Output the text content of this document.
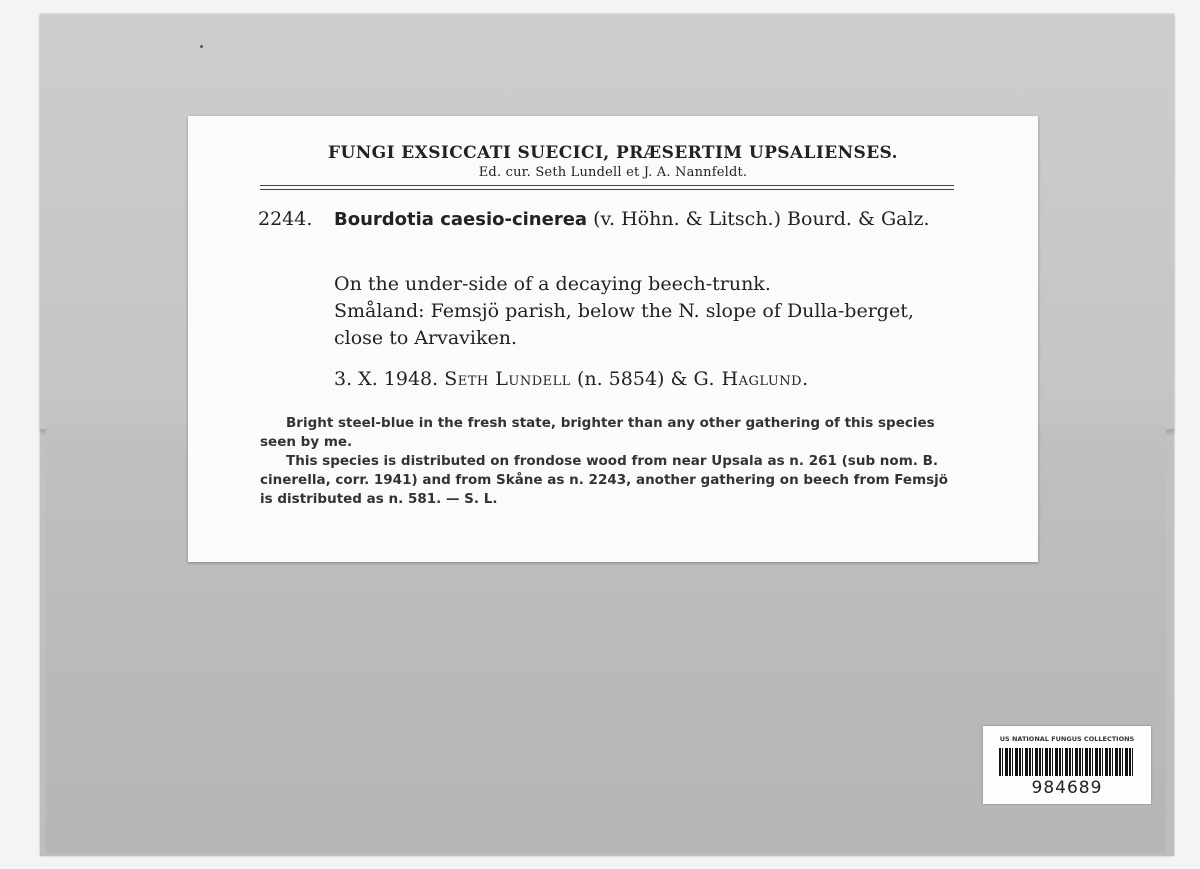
FUNGI EXSICCATI SUECICI, PRÆSERTIM UPSALIENSES.
Ed. cur. Seth Lundell et J. A. Nannfeldt.
2244. Bourdotia caesio-cinerea (v. Höhn. & Litsch.) Bourd. & Galz.
On the under-side of a decaying beech-trunk.
Småland: Femsjö parish, below the N. slope of Dulla-berget, close to Arvaviken.
3. X. 1948. Seth Lundell (n. 5854) & G. Haglund.
Bright steel-blue in the fresh state, brighter than any other gathering of this species seen by me.
This species is distributed on frondose wood from near Upsala as n. 261 (sub nom. B. cinerella, corr. 1941) and from Skåne as n. 2243, another gathering on beech from Femsjö is distributed as n. 581. — S. L.
US NATIONAL FUNGUS COLLECTIONS
984689
